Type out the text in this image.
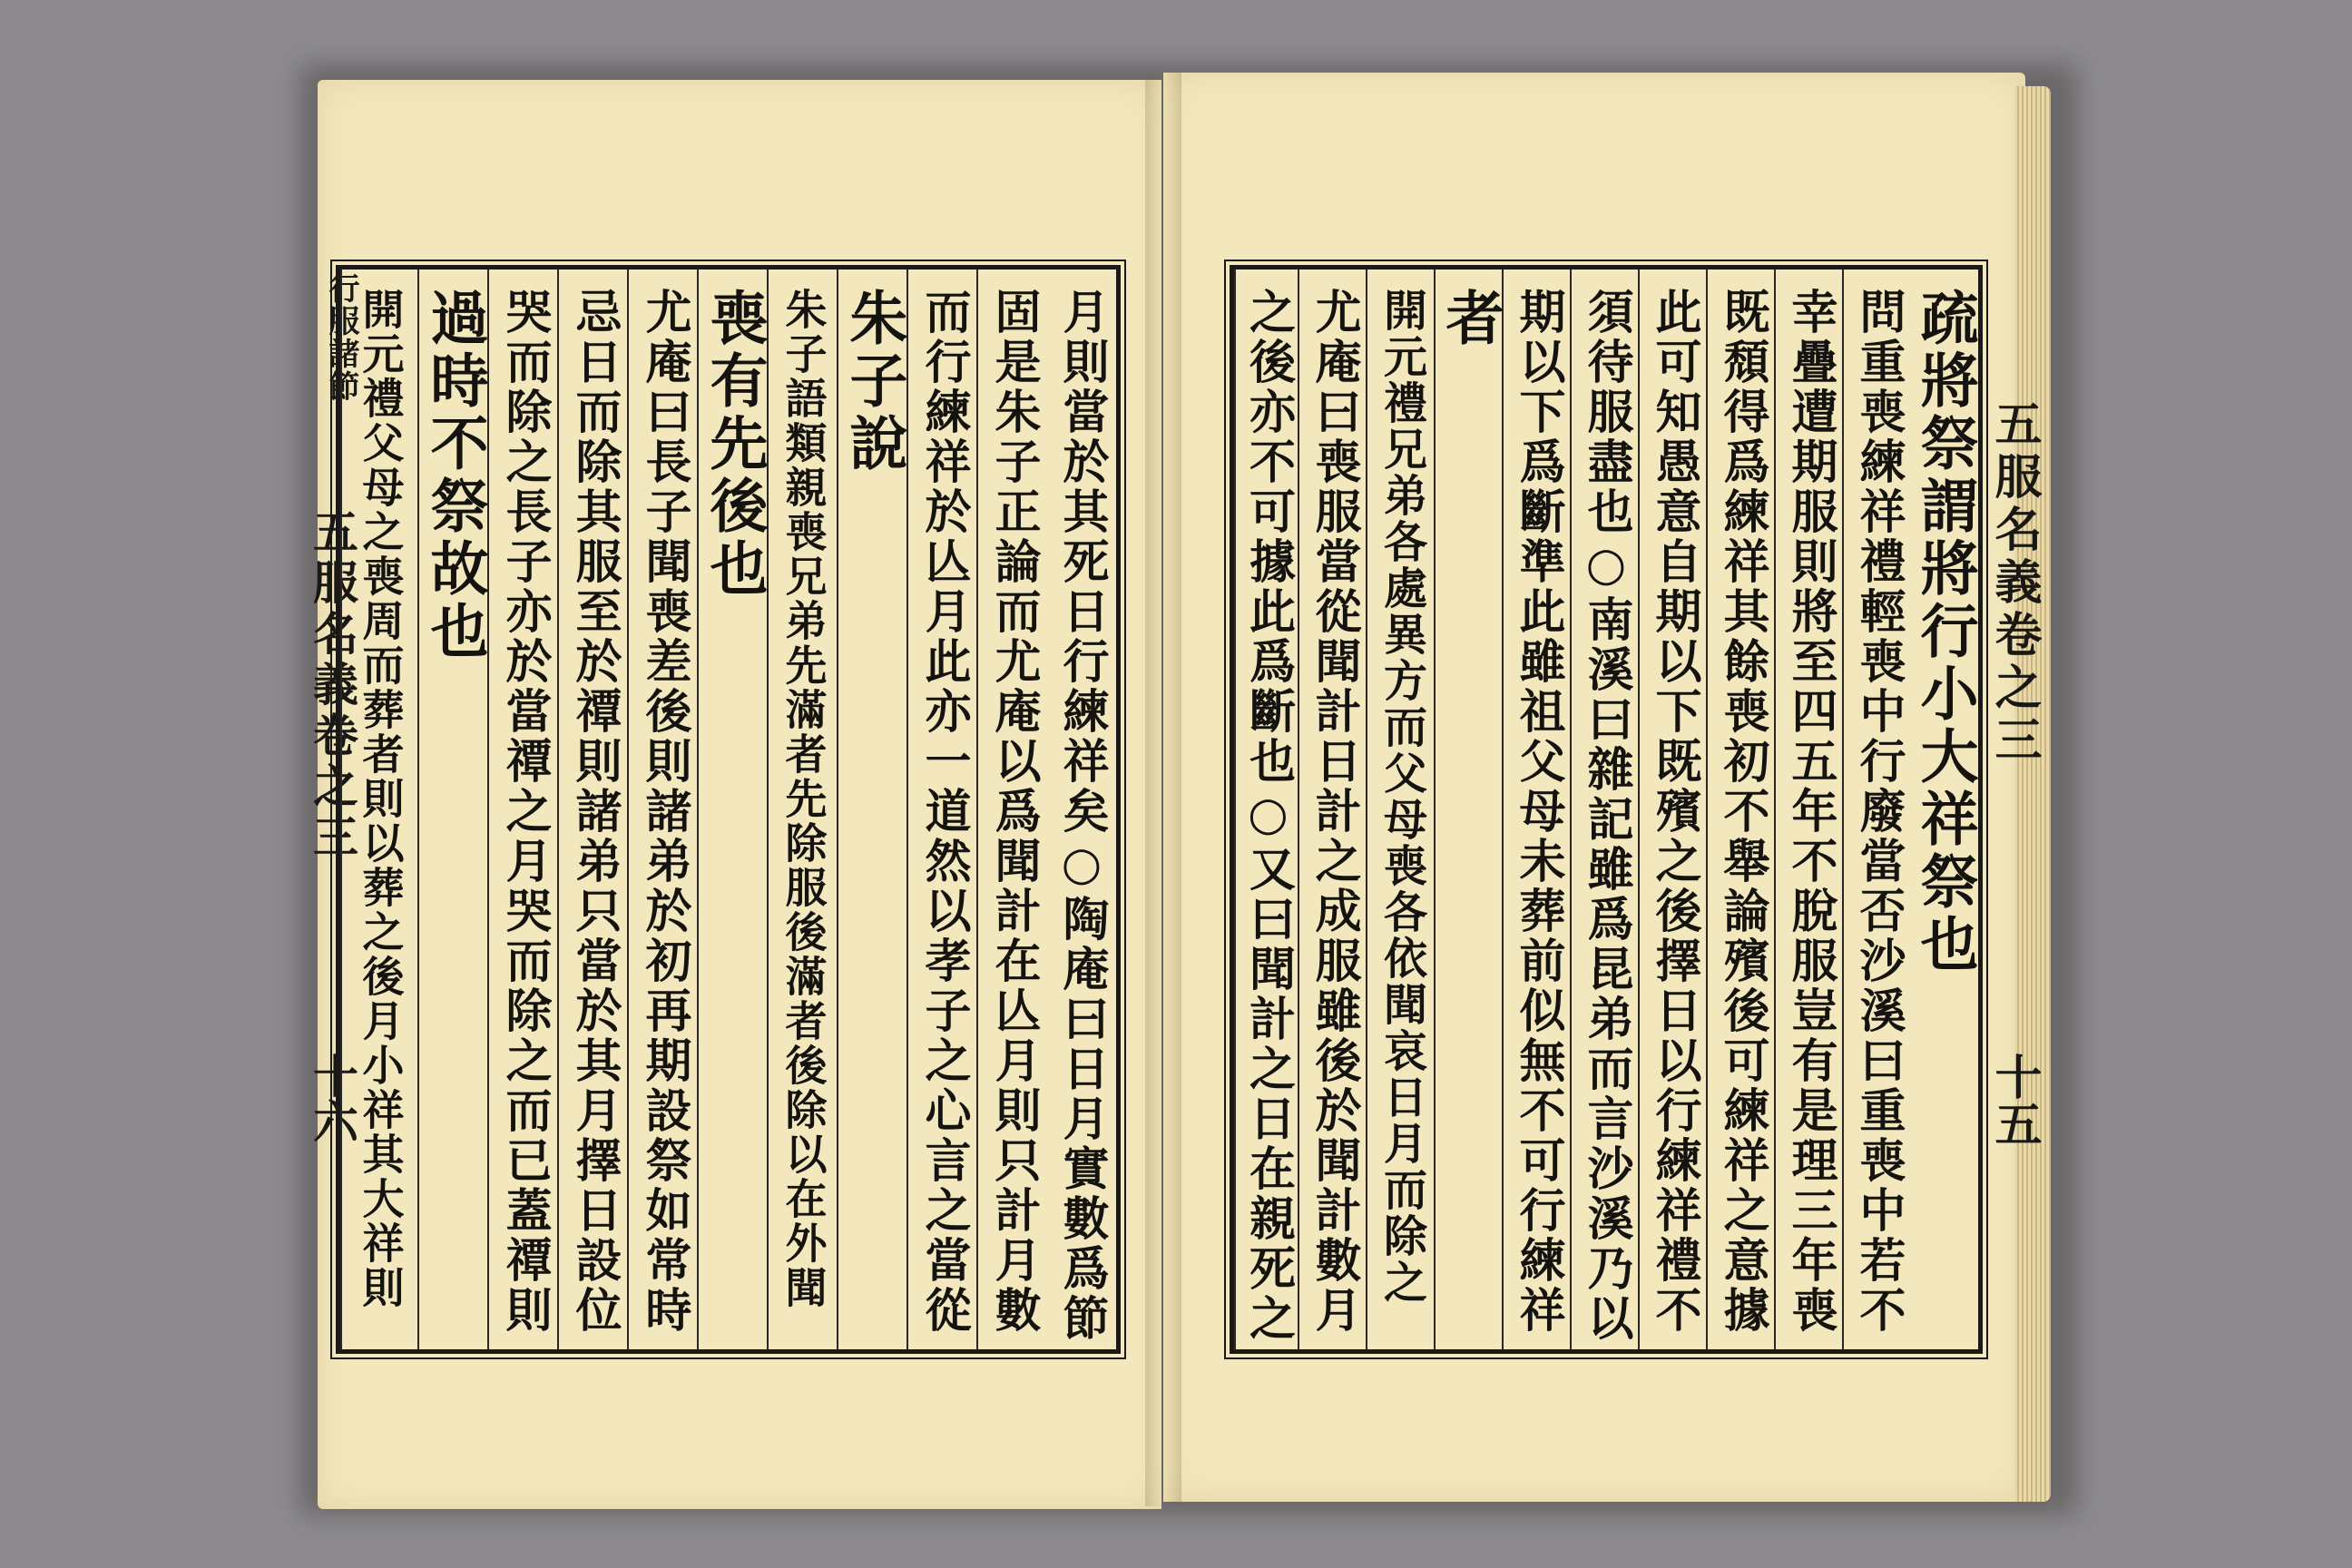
行服諸節
五服名義卷之三
十六
五服名義卷之三
十五
月則當於其死日行練祥矣○陶庵曰日月實數爲節
固是朱子正論而尤庵以爲聞計在亾月則只計月數
而行練祥於亾月此亦一道然以孝子之心言之當從
朱子說
朱子語類親喪兄弟先滿者先除服後滿者後除以在外聞
喪有先後也
尤庵曰長子聞喪差後則諸弟於初再期設祭如常時
忌日而除其服至於禫則諸弟只當於其月擇日設位
哭而除之長子亦於當禫之月哭而除之而已蓋禫則
過時不祭故也
開元禮父母之喪周而葬者則以葬之後月小祥其大祥則	疏將祭謂將行小大祥祭也
問重喪練祥禮輕喪中行廢當否沙溪曰重喪中若不
幸疊遭期服則將至四五年不脫服豈有是理三年喪
既頹得爲練祥其餘喪初不舉論殯後可練祥之意據
此可知愚意自期以下既殯之後擇日以行練祥禮不
須待服盡也○南溪曰雜記雖爲昆弟而言沙溪乃以
期以下爲斷準此雖祖父母未葬前似無不可行練祥
者
開元禮兄弟各處異方而父母喪各依聞哀日月而除之
尤庵曰喪服當從聞計日計之成服雖後於聞計數月
之後亦不可據此爲斷也○又曰聞計之日在親死之
